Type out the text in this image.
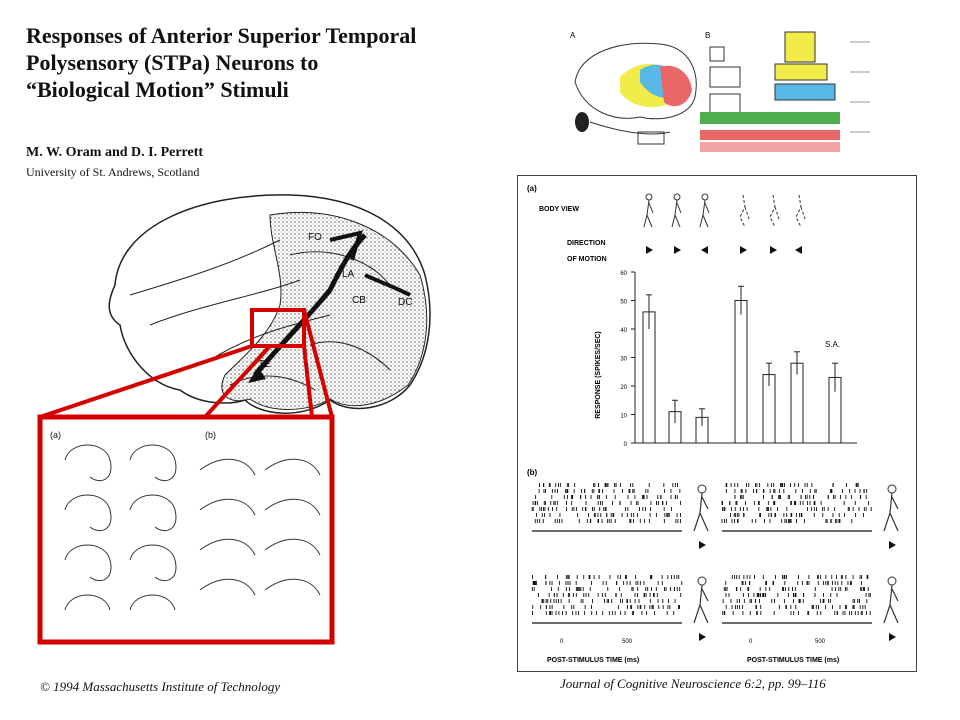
Responses of Anterior Superior Temporal
Polysensory (STPa) Neurons to
“Biological Motion” Stimuli
M. W. Oram and D. I. Perrett
University of St. Andrews, Scotland
FO
LA
CB	DC
TE
(a)	(b)
A	B
(a)
BODY VIEW
DIRECTION
OF MOTION
RESPONSE (SPIKES/SEC)
0
10
20
30
40
50
60
S.A.
(b)
POST-STIMULUS TIME (ms)	POST-STIMULUS TIME (ms)
0	500	0	500
© 1994 Massachusetts Institute of Technology	Journal of Cognitive Neuroscience 6:2, pp. 99–116
